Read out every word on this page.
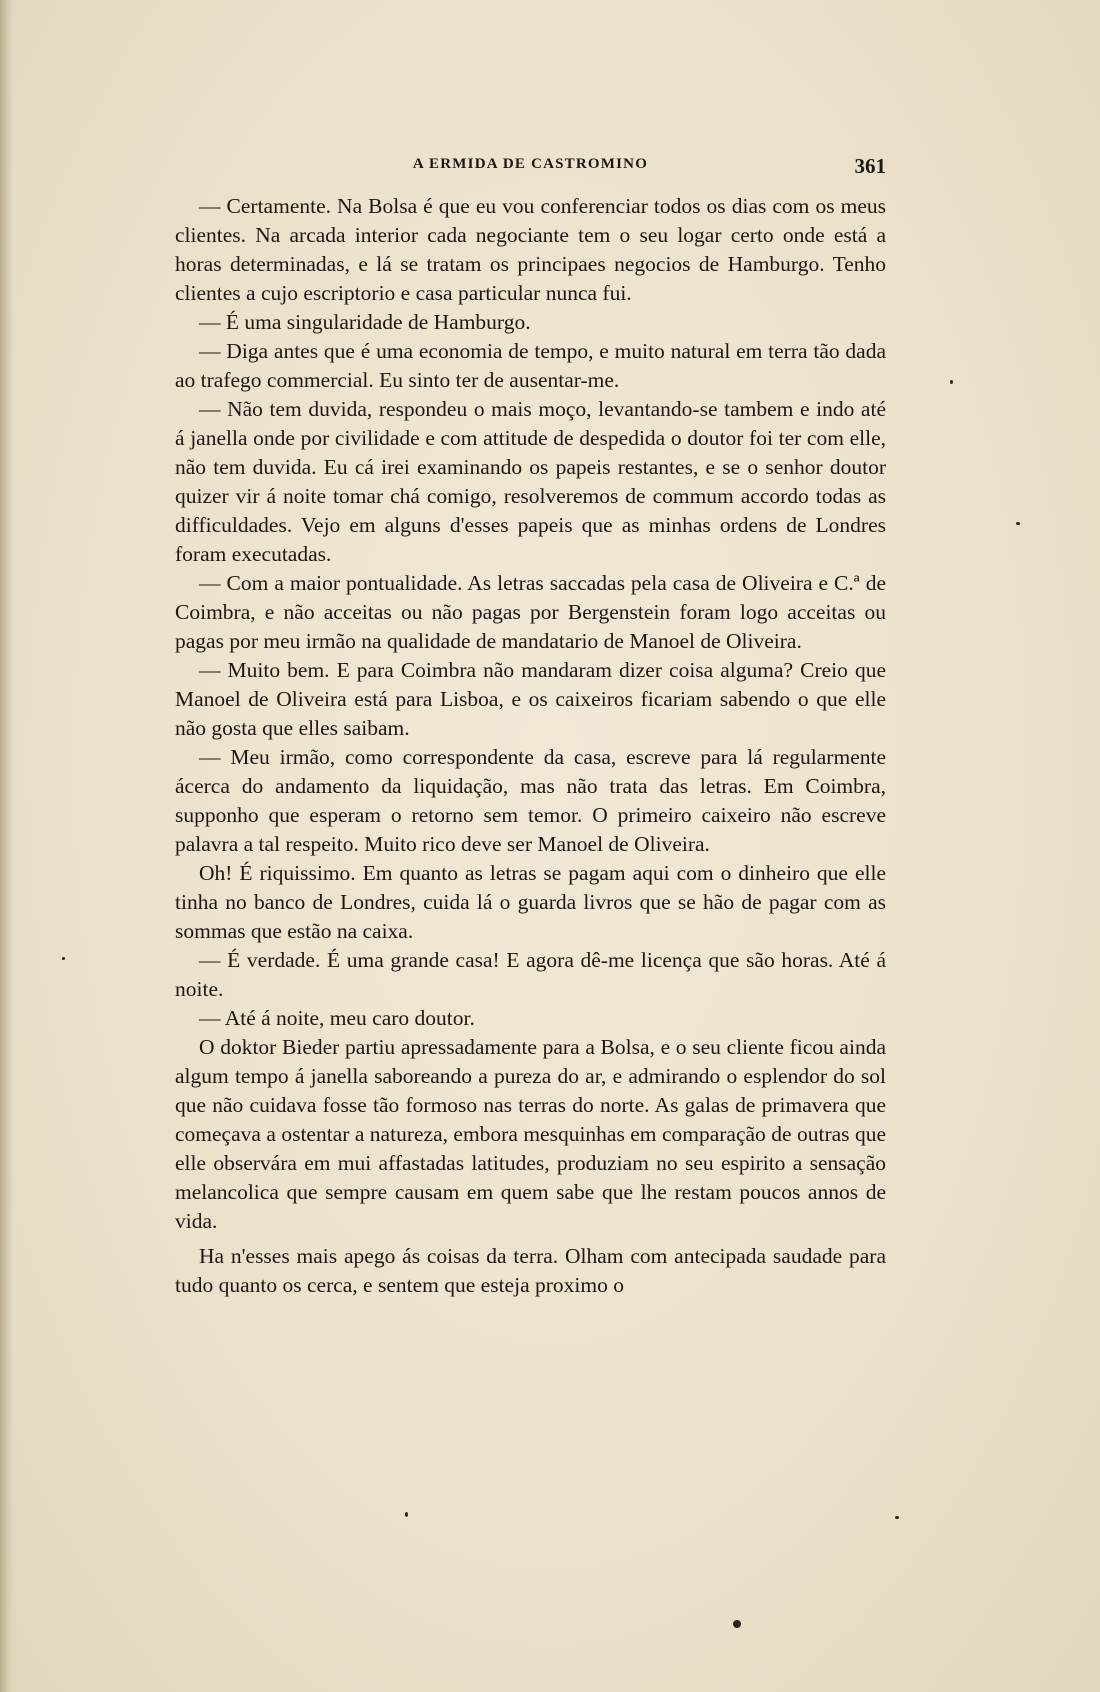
A ERMIDA DE CASTROMINO	361

— Certamente. Na Bolsa é que eu vou conferenciar todos os dias com os meus clientes. Na arcada interior cada negociante tem o seu logar certo onde está a horas determinadas, e lá se tratam os principaes negocios de Hamburgo. Tenho clientes a cujo escriptorio e casa particular nunca fui.

— É uma singularidade de Hamburgo.

— Diga antes que é uma economia de tempo, e muito natural em terra tão dada ao trafego commercial. Eu sinto ter de ausentar-me.

— Não tem duvida, respondeu o mais moço, levantando-se tambem e indo até á janella onde por civilidade e com attitude de despedida o doutor foi ter com elle, não tem duvida. Eu cá irei examinando os papeis restantes, e se o senhor doutor quizer vir á noite tomar chá comigo, resolveremos de commum accordo todas as difficuldades. Vejo em alguns d'esses papeis que as minhas ordens de Londres foram executadas.

— Com a maior pontualidade. As letras saccadas pela casa de Oliveira e C.ª de Coimbra, e não acceitas ou não pagas por Bergenstein foram logo acceitas ou pagas por meu irmão na qualidade de mandatario de Manoel de Oliveira.

— Muito bem. E para Coimbra não mandaram dizer coisa alguma? Creio que Manoel de Oliveira está para Lisboa, e os caixeiros ficariam sabendo o que elle não gosta que elles saibam.

— Meu irmão, como correspondente da casa, escreve para lá regularmente ácerca do andamento da liquidação, mas não trata das letras. Em Coimbra, supponho que esperam o retorno sem temor. O primeiro caixeiro não escreve palavra a tal respeito. Muito rico deve ser Manoel de Oliveira.

Oh! É riquissimo. Em quanto as letras se pagam aqui com o dinheiro que elle tinha no banco de Londres, cuida lá o guarda livros que se hão de pagar com as sommas que estão na caixa.

— É verdade. É uma grande casa! E agora dê-me licença que são horas. Até á noite.

— Até á noite, meu caro doutor.

O doktor Bieder partiu apressadamente para a Bolsa, e o seu cliente ficou ainda algum tempo á janella saboreando a pureza do ar, e admirando o esplendor do sol que não cuidava fosse tão formoso nas terras do norte. As galas de primavera que começava a ostentar a natureza, embora mesquinhas em comparação de outras que elle observára em mui affastadas latitudes, produziam no seu espirito a sensação melancolica que sempre causam em quem sabe que lhe restam poucos annos de vida.

Ha n'esses mais apego ás coisas da terra. Olham com antecipada saudade para tudo quanto os cerca, e sentem que esteja proximo o
